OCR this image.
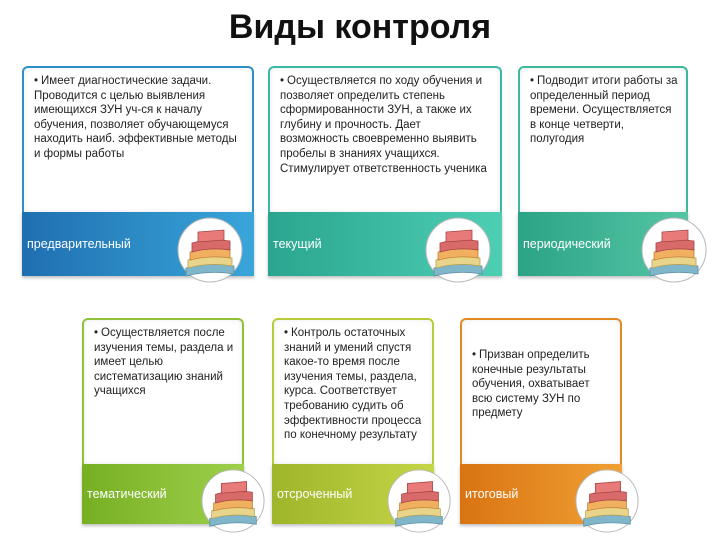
Виды контроля
• Имеет диагностические задачи. Проводится с целью выявления имеющихся ЗУН уч-ся к началу обучения, позволяет обучающемуся находить наиб. эффективные методы и формы работы
предварительный
• Осуществляется по ходу обучения и позволяет определить степень сформированности ЗУН, а также их глубину и прочность. Дает возможность своевременно выявить пробелы в знаниях учащихся. Стимулирует ответственность ученика
текущий
• Подводит итоги работы за определенный период времени. Осуществляется в конце четверти, полугодия
периодический
• Осуществляется после изучения темы, раздела и имеет целью систематизацию знаний учащихся
тематический
• Контроль остаточных знаний и умений спустя какое-то время после изучения темы, раздела, курса. Соответствует требованию судить об эффективности процесса по конечному результату
отсроченный
• Призван определить конечные результаты обучения, охватывает всю систему ЗУН по предмету
итоговый
